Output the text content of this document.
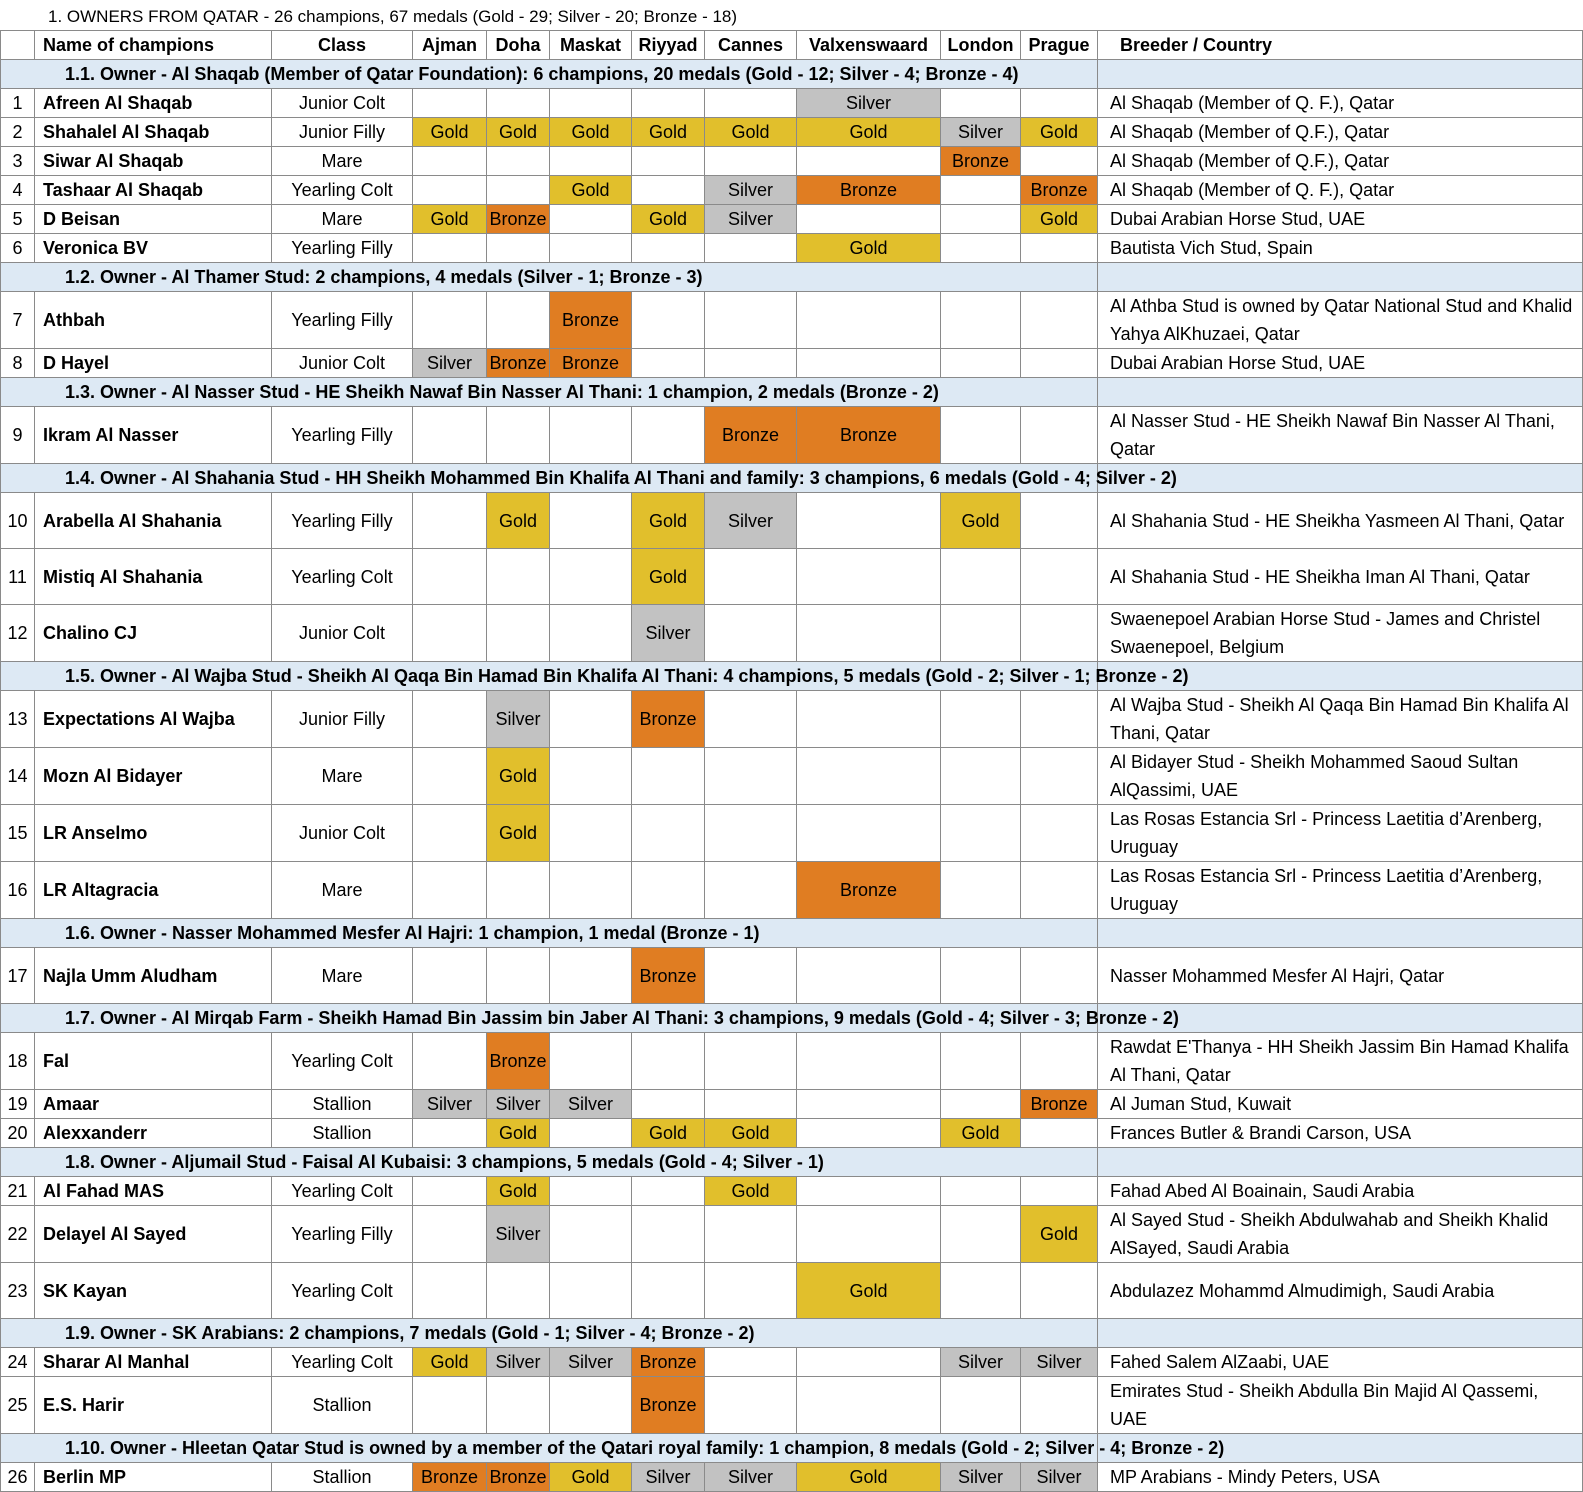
1. OWNERS FROM QATAR - 26 champions, 67 medals (Gold - 29; Silver - 20; Bronze - 18)
	Name of champions	Class	Ajman	Doha	Maskat	Riyyad	Cannes	Valxenswaard	London	Prague	Breeder / Country
1.1. Owner - Al Shaqab (Member of Qatar Foundation): 6 champions, 20 medals (Gold - 12; Silver - 4; Bronze - 4)											
1	Afreen Al Shaqab	Junior Colt						Silver			Al Shaqab (Member of Q. F.), Qatar
2	Shahalel Al Shaqab	Junior Filly	Gold	Gold	Gold	Gold	Gold	Gold	Silver	Gold	Al Shaqab (Member of Q.F.), Qatar
3	Siwar Al Shaqab	Mare							Bronze		Al Shaqab (Member of Q.F.), Qatar
4	Tashaar Al Shaqab	Yearling Colt			Gold		Silver	Bronze		Bronze	Al Shaqab (Member of Q. F.), Qatar
5	D Beisan	Mare	Gold	Bronze		Gold	Silver			Gold	Dubai Arabian Horse Stud, UAE
6	Veronica BV	Yearling Filly						Gold			Bautista Vich Stud, Spain
1.2. Owner - Al Thamer Stud: 2 champions, 4 medals (Silver - 1; Bronze - 3)											
7	Athbah	Yearling Filly			Bronze						Al Athba Stud is owned by Qatar National Stud and Khalid Yahya AlKhuzaei, Qatar
8	D Hayel	Junior Colt	Silver	Bronze	Bronze						Dubai Arabian Horse Stud, UAE
1.3. Owner - Al Nasser Stud - HE Sheikh Nawaf Bin Nasser Al Thani: 1 champion, 2 medals (Bronze - 2)											
9	Ikram Al Nasser	Yearling Filly					Bronze	Bronze			Al Nasser Stud - HE Sheikh Nawaf Bin Nasser Al Thani, Qatar
1.4. Owner - Al Shahania Stud - HH Sheikh Mohammed Bin Khalifa Al Thani and family: 3 champions, 6 medals (Gold - 4; Silver - 2)											
10	Arabella Al Shahania	Yearling Filly		Gold		Gold	Silver		Gold		Al Shahania Stud - HE Sheikha Yasmeen Al Thani, Qatar
11	Mistiq Al Shahania	Yearling Colt				Gold					Al Shahania Stud - HE Sheikha Iman Al Thani, Qatar
12	Chalino CJ	Junior Colt				Silver					Swaenepoel Arabian Horse Stud - James and Christel Swaenepoel, Belgium
1.5. Owner - Al Wajba Stud - Sheikh Al Qaqa Bin Hamad Bin Khalifa Al Thani: 4 champions, 5 medals (Gold - 2; Silver - 1; Bronze - 2)											
13	Expectations Al Wajba	Junior Filly		Silver		Bronze					Al Wajba Stud - Sheikh Al Qaqa Bin Hamad Bin Khalifa Al Thani, Qatar
14	Mozn Al Bidayer	Mare		Gold							Al Bidayer Stud - Sheikh Mohammed Saoud Sultan AlQassimi, UAE
15	LR Anselmo	Junior Colt		Gold							Las Rosas Estancia Srl - Princess Laetitia d’Arenberg, Uruguay
16	LR Altagracia	Mare						Bronze			Las Rosas Estancia Srl - Princess Laetitia d’Arenberg, Uruguay
1.6. Owner - Nasser Mohammed Mesfer Al Hajri: 1 champion, 1 medal (Bronze - 1)											
17	Najla Umm Aludham	Mare				Bronze					Nasser Mohammed Mesfer Al Hajri, Qatar
1.7. Owner - Al Mirqab Farm - Sheikh Hamad Bin Jassim bin Jaber Al Thani: 3 champions, 9 medals (Gold - 4; Silver - 3; Bronze - 2)											
18	Fal	Yearling Colt		Bronze							Rawdat E'Thanya - HH Sheikh Jassim Bin Hamad Khalifa Al Thani, Qatar
19	Amaar	Stallion	Silver	Silver	Silver					Bronze	Al Juman Stud, Kuwait
20	Alexxanderr	Stallion		Gold		Gold	Gold		Gold		Frances Butler & Brandi Carson, USA
1.8. Owner - Aljumail Stud - Faisal Al Kubaisi: 3 champions, 5 medals (Gold - 4; Silver - 1)											
21	Al Fahad MAS	Yearling Colt		Gold			Gold				Fahad Abed Al Boainain, Saudi Arabia
22	Delayel Al Sayed	Yearling Filly		Silver						Gold	Al Sayed Stud - Sheikh Abdulwahab and Sheikh Khalid AlSayed, Saudi Arabia
23	SK Kayan	Yearling Colt						Gold			Abdulazez Mohammd Almudimigh, Saudi Arabia
1.9. Owner - SK Arabians: 2 champions, 7 medals (Gold - 1; Silver - 4; Bronze - 2)											
24	Sharar Al Manhal	Yearling Colt	Gold	Silver	Silver	Bronze			Silver	Silver	Fahed Salem AlZaabi, UAE
25	E.S. Harir	Stallion				Bronze					Emirates Stud - Sheikh Abdulla Bin Majid Al Qassemi, UAE
1.10. Owner - Hleetan Qatar Stud is owned by a member of the Qatari royal family: 1 champion, 8 medals (Gold - 2; Silver - 4; Bronze - 2)											
26	Berlin MP	Stallion	Bronze	Bronze	Gold	Silver	Silver	Gold	Silver	Silver	MP Arabians - Mindy Peters, USA
